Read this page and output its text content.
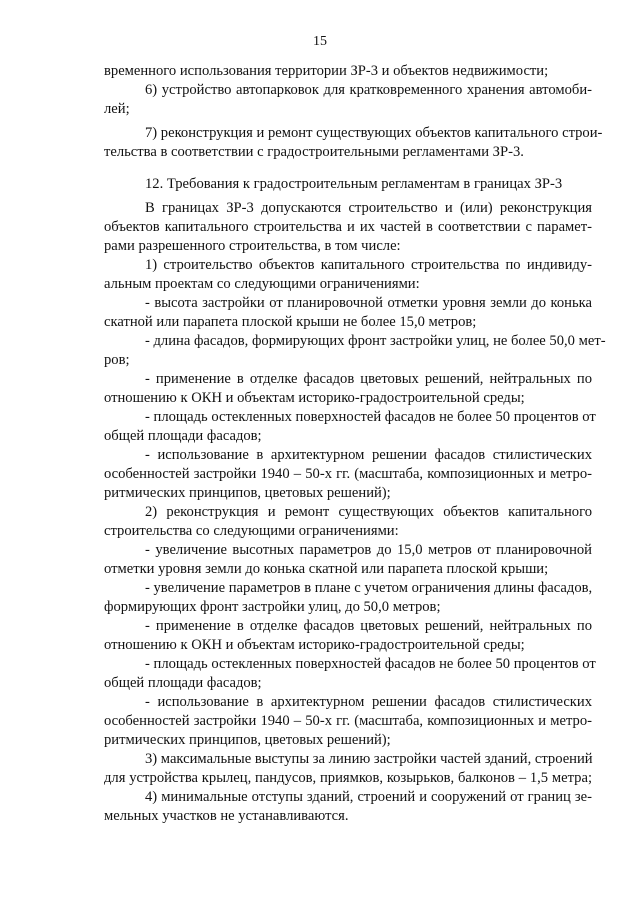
15
временного использования территории ЗР-3 и объектов недвижимости;
6) устройство автопарковок для кратковременного хранения автомоби-
лей;
7) реконструкция и ремонт существующих объектов капитального строи-
тельства в соответствии с градостроительными регламентами ЗР-3.
12. Требования к градостроительным регламентам в границах ЗР-3
В границах ЗР-3 допускаются строительство и (или) реконструкция
объектов капитального строительства и их частей в соответствии с парамет-
рами разрешенного строительства, в том числе:
1) строительство объектов капитального строительства по индивиду-
альным проектам со следующими ограничениями:
- высота застройки от планировочной отметки уровня земли до конька
скатной или парапета плоской крыши не более 15,0 метров;
- длина фасадов, формирующих фронт застройки улиц, не более 50,0 мет-
ров;
- применение в отделке фасадов цветовых решений, нейтральных по
отношению к ОКН и объектам историко-градостроительной среды;
- площадь остекленных поверхностей фасадов не более 50 процентов от
общей площади фасадов;
- использование в архитектурном решении фасадов стилистических
особенностей застройки 1940 – 50-х гг. (масштаба, композиционных и метро-
ритмических принципов, цветовых решений);
2) реконструкция и ремонт существующих объектов капитального
строительства со следующими ограничениями:
- увеличение высотных параметров до 15,0 метров от планировочной
отметки уровня земли до конька скатной или парапета плоской крыши;
- увеличение параметров в плане с учетом ограничения длины фасадов,
формирующих фронт застройки улиц, до 50,0 метров;
- применение в отделке фасадов цветовых решений, нейтральных по
отношению к ОКН и объектам историко-градостроительной среды;
- площадь остекленных поверхностей фасадов не более 50 процентов от
общей площади фасадов;
- использование в архитектурном решении фасадов стилистических
особенностей застройки 1940 – 50-х гг. (масштаба, композиционных и метро-
ритмических принципов, цветовых решений);
3) максимальные выступы за линию застройки частей зданий, строений
для устройства крылец, пандусов, приямков, козырьков, балконов – 1,5 метра;
4) минимальные отступы зданий, строений и сооружений от границ зе-
мельных участков не устанавливаются.
